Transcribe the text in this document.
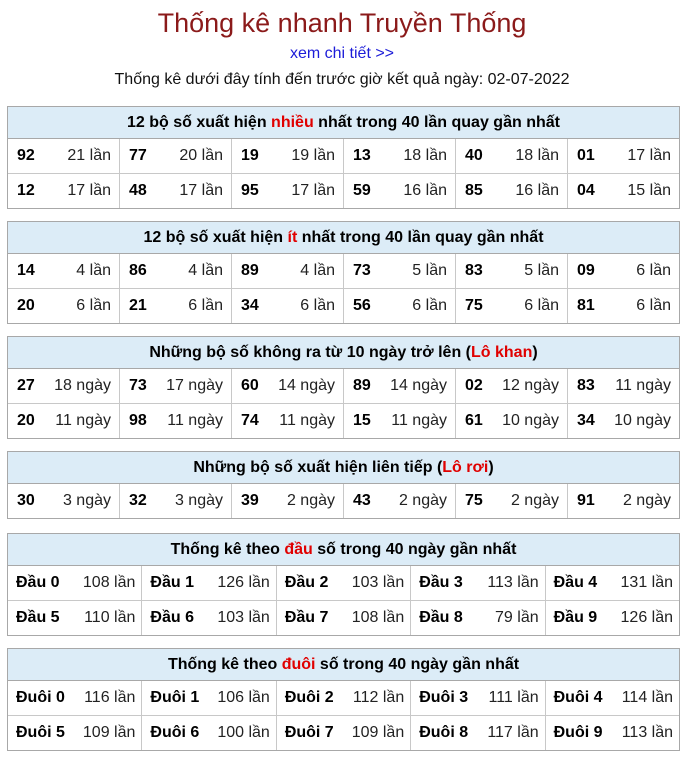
Thống kê nhanh Truyền Thống
xem chi tiết >>
Thống kê dưới đây tính đến trước giờ kết quả ngày: 02-07-2022
12 bộ số xuất hiện nhiều nhất trong 40 lần quay gần nhất
92 21 lần 77 20 lần 19 19 lần 13 18 lần 40 18 lần 01 17 lần
12 17 lần 48 17 lần 95 17 lần 59 16 lần 85 16 lần 04 15 lần
12 bộ số xuất hiện ít nhất trong 40 lần quay gần nhất
14	4 lần 86	4 lần 89	4 lần 73	5 lần 83	5 lần 09	6 lần
20	6 lần 21	6 lần 34	6 lần 56	6 lần 75	6 lần 81	6 lần
Những bộ số không ra từ 10 ngày trở lên (Lô khan)
27 18 ngày 73 17 ngày 60 14 ngày 89 14 ngày 02 12 ngày 83 11 ngày
20 11 ngày 98 11 ngày 74 11 ngày 15 11 ngày 61 10 ngày 34 10 ngày
Những bộ số xuất hiện liên tiếp (Lô rơi)
30 3 ngày 32 3 ngày 39 2 ngày 43 2 ngày 75 2 ngày 91 2 ngày
Thống kê theo đầu số trong 40 ngày gần nhất
Đầu 0 108 lần Đầu 1 126 lần Đầu 2 103 lần Đầu 3 113 lần Đầu 4 131 lần
Đầu 5 110 lần Đầu 6 103 lần Đầu 7 108 lần Đầu 8 79 lần Đầu 9 126 lần
Thống kê theo đuôi số trong 40 ngày gần nhất
Đuôi 0 116 lần Đuôi 1 106 lần Đuôi 2 112 lần Đuôi 3 111 lần Đuôi 4 114 lần
Đuôi 5 109 lần Đuôi 6 100 lần Đuôi 7 109 lần Đuôi 8 117 lần Đuôi 9 113 lần
